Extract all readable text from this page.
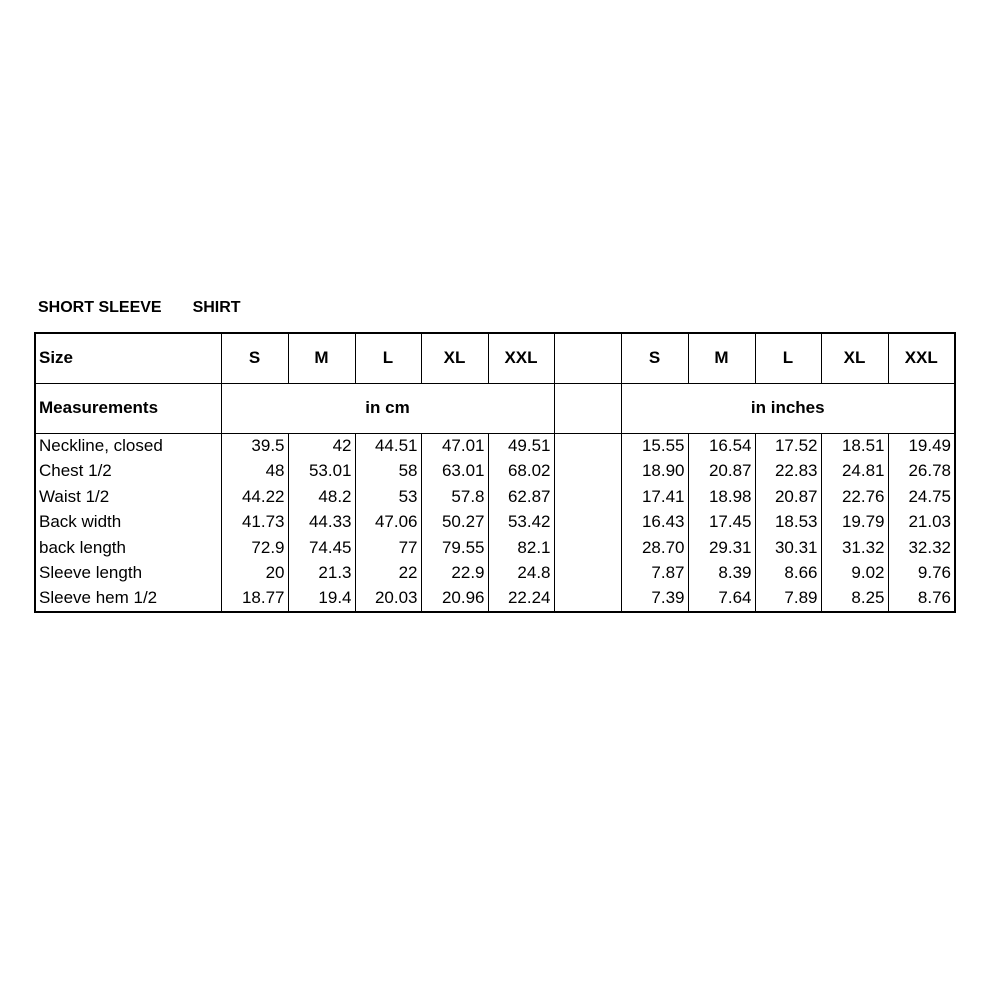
SHORT SLEEVE SHIRT
Size	S	M	L	XL	XXL		S	M	L	XL	XXL
Measurements	in cm						in inches				
Neckline, closed	39.5	42	44.51	47.01	49.51		15.55	16.54	17.52	18.51	19.49
Chest 1/2	48	53.01	58	63.01	68.02		18.90	20.87	22.83	24.81	26.78
Waist 1/2	44.22	48.2	53	57.8	62.87		17.41	18.98	20.87	22.76	24.75
Back width	41.73	44.33	47.06	50.27	53.42		16.43	17.45	18.53	19.79	21.03
back length	72.9	74.45	77	79.55	82.1		28.70	29.31	30.31	31.32	32.32
Sleeve length	20	21.3	22	22.9	24.8		7.87	8.39	8.66	9.02	9.76
Sleeve hem 1/2	18.77	19.4	20.03	20.96	22.24		7.39	7.64	7.89	8.25	8.76
